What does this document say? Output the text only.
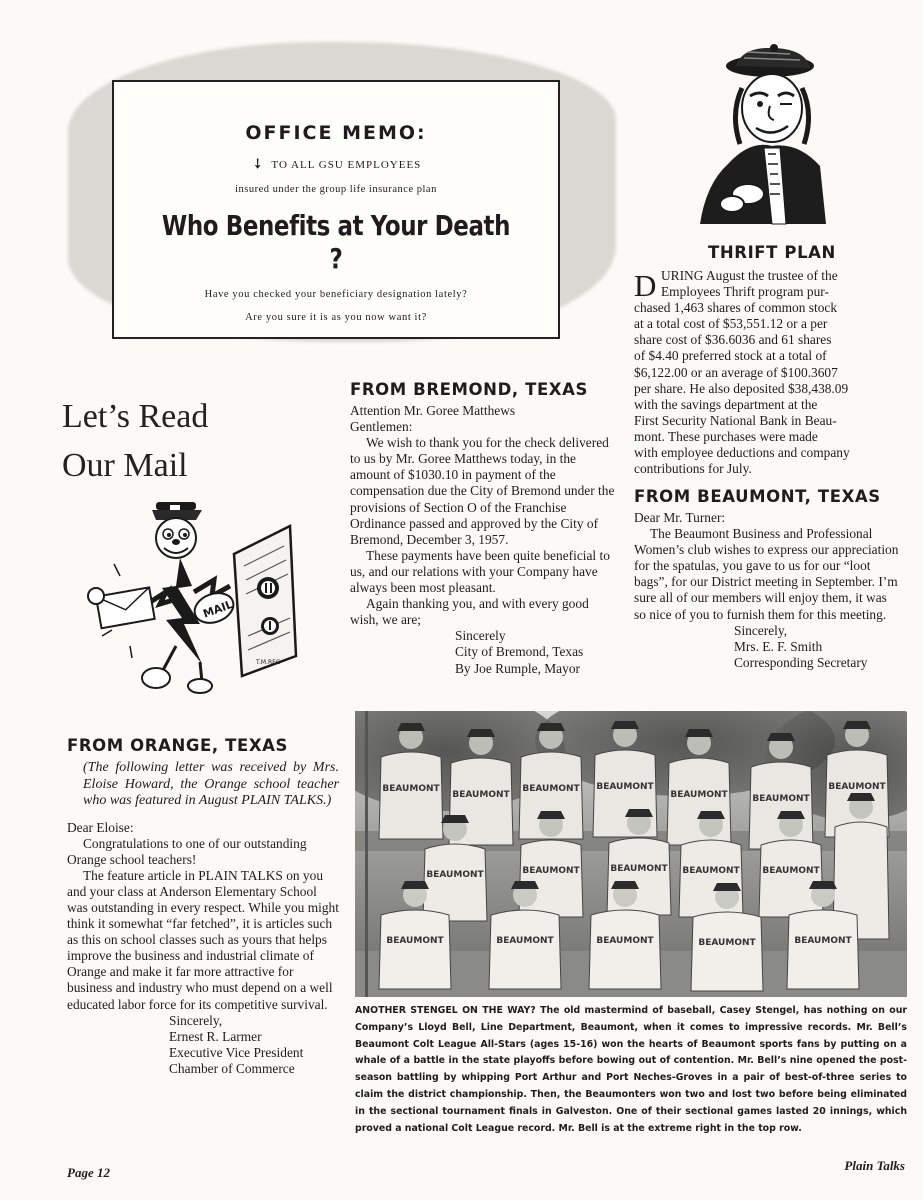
OFFICE MEMO:
➘ TO ALL GSU EMPLOYEES
insured under the group life insurance plan
Who Benefits at Your Death ?
Have you checked your beneficiary designation lately?
Are you sure it is as you now want it?
THRIFT PLAN
D URING August the trustee of the
Employees Thrift program pur-
chased 1,463 shares of common stock
at a total cost of $53,551.12 or a per
share cost of $36.6036 and 61 shares
of $4.40 preferred stock at a total of
$6,122.00 or an average of $100.3607
per share. He also deposited $38,438.09
with the savings department at the
First Security National Bank in Beau-
mont. These purchases were made
with employee deductions and company
contributions for July.
Let’s Read
Our Mail
T.M.REG
MAIL
FROM BREMOND, TEXAS

Attention Mr. Goree Matthews

Gentlemen:

We wish to thank you for the check delivered to us by Mr. Goree Matthews today, in the amount of $1030.10 in payment of the compensation due the City of Bremond under the provisions of Section O of the Franchise Ordinance passed and approved by the City of Bremond, December 3, 1957.

These payments have been quite beneficial to us, and our relations with your Company have always been most pleasant.

Again thanking you, and with every good wish, we are;

Sincerely

City of Bremond, Texas

By Joe Rumple, Mayor

FROM BEAUMONT, TEXAS

Dear Mr. Turner:

The Beaumont Business and Professional Women’s club wishes to express our appreciation for the spatulas, you gave to us for our “loot bags”, for our District meeting in September. I’m sure all of our members will enjoy them, it was so nice of you to furnish them for this meeting.

Sincerely,

Mrs. E. F. Smith

Corresponding Secretary

FROM ORANGE, TEXAS

(The following letter was received by Mrs. Eloise Howard, the Orange school teacher who was featured in August PLAIN TALKS.)

Dear Eloise:

Congratulations to one of our outstanding Orange school teachers!

The feature article in PLAIN TALKS on you and your class at Anderson Elementary School was outstanding in every respect. While you might think it somewhat “far fetched”, it is articles such as this on school classes such as yours that helps improve the business and industrial climate of Orange and make it far more attractive for business and industry who must depend on a well educated labor force for its competitive survival.

Sincerely,

Ernest R. Larmer

Executive Vice President

Chamber of Commerce

BEAUMONT
BEAUMONT
BEAUMONT BEAUMONT
BEAUMONT	BEAUMONT
BEAUMONT
BEAUMONT	BEAUMONT	BEAUMONT BEAUMONT	BEAUMONT
BEAUMONT	BEAUMONT	BEAUMONT	BEAUMONT	BEAUMONT
ANOTHER STENGEL ON THE WAY? The old mastermind of baseball, Casey Stengel, has nothing on our Company’s Lloyd Bell, Line Department, Beaumont, when it comes to impressive records. Mr. Bell’s Beaumont Colt League All-Stars (ages 15-16) won the hearts of Beaumont sports fans by putting on a whale of a battle in the state playoffs before bowing out of contention. Mr. Bell’s nine opened the post-season battling by whipping Port Arthur and Port Neches-Groves in a pair of best-of-three series to claim the district championship. Then, the Beaumonters won two and lost two before being eliminated in the sectional tournament finals in Galveston. One of their sectional games lasted 20 innings, which proved a national Colt League record. Mr. Bell is at the extreme right in the top row.
Page 12	Plain Talks
